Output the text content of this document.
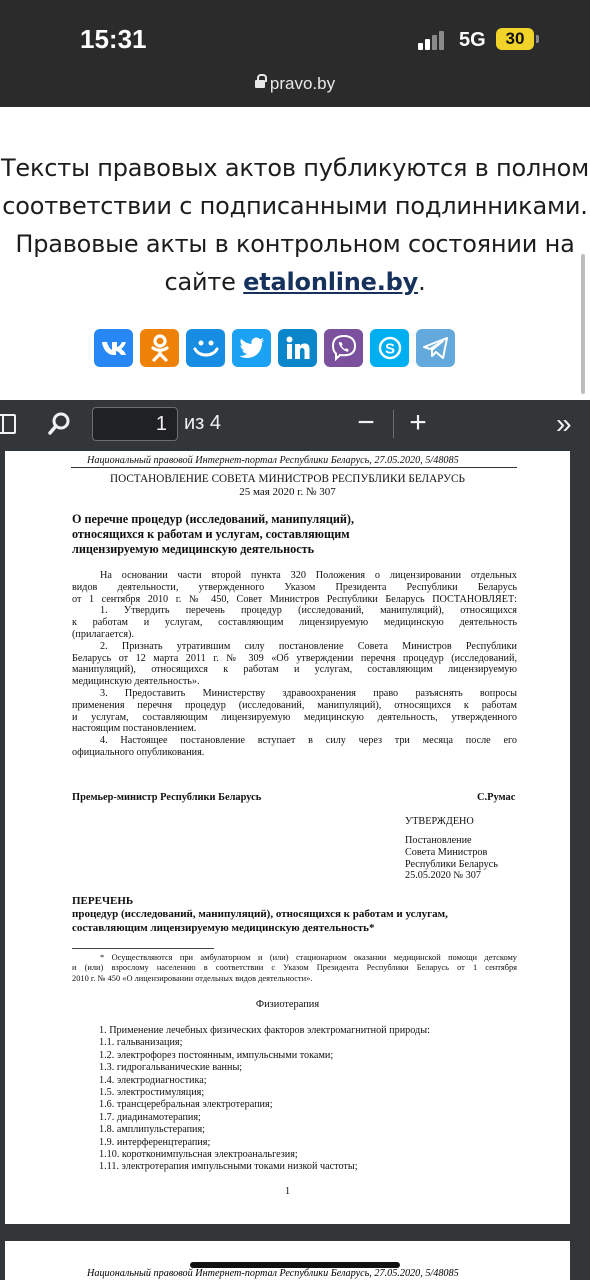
15:31	5G	30
pravo.by
Тексты правовых актов публикуются в полном
соответствии с подписанными подлинниками.
Правовые акты в контрольном состоянии на
сайте etalonline.by.
S
1
из 4	− +	»
Национальный правовой Интернет-портал Республики Беларусь, 27.05.2020, 5/48085
ПОСТАНОВЛЕНИЕ СОВЕТА МИНИСТРОВ РЕСПУБЛИКИ БЕЛАРУСЬ
25 мая 2020 г. № 307
О перечне процедур (исследований, манипуляций),
относящихся к работам и услугам, составляющим
лицензируемую медицинскую деятельность
На основании части второй пункта 320 Положения о лицензировании отдельных
видов деятельности, утвержденного Указом Президента Республики Беларусь
от 1 сентября 2010 г. № 450, Совет Министров Республики Беларусь ПОСТАНОВЛЯЕТ:
1. Утвердить перечень процедур (исследований, манипуляций), относящихся
к работам и услугам, составляющим лицензируемую медицинскую деятельность
(прилагается).
2. Признать утратившим силу постановление Совета Министров Республики
Беларусь от 12 марта 2011 г. № 309 «Об утверждении перечня процедур (исследований,
манипуляций), относящихся к работам и услугам, составляющим лицензируемую
медицинскую деятельность».
3. Предоставить Министерству здравоохранения право разъяснять вопросы
применения перечня процедур (исследований, манипуляций), относящихся к работам
и услугам, составляющим лицензируемую медицинскую деятельность, утвержденного
настоящим постановлением.
4. Настоящее постановление вступает в силу через три месяца после его
официального опубликования.
Премьер-министр Республики Беларусь	С.Румас
УТВЕРЖДЕНО
Постановление
Совета Министров
Республики Беларусь
25.05.2020 № 307
ПЕРЕЧЕНЬ
процедур (исследований, манипуляций), относящихся к работам и услугам,
составляющим лицензируемую медицинскую деятельность*
* Осуществляются при амбулаторном и (или) стационарном оказании медицинской помощи детскому
и (или) взрослому населению в соответствии с Указом Президента Республики Беларусь от 1 сентября
2010 г. № 450 «О лицензировании отдельных видов деятельности».
Физиотерапия
1. Применение лечебных физических факторов электромагнитной природы:
1.1. гальванизация;
1.2. электрофорез постоянным, импульсными токами;
1.3. гидрогальванические ванны;
1.4. электродиагностика;
1.5. электростимуляция;
1.6. трансцеребральная электротерапия;
1.7. диадинамотерапия;
1.8. амплипульстерапия;
1.9. интерференцтерапия;
1.10. коротконимпульсная электроанальгезия;
1.11. электротерапия импульсными токами низкой частоты;
1
Национальный правовой Интернет-портал Республики Беларусь, 27.05.2020, 5/48085
